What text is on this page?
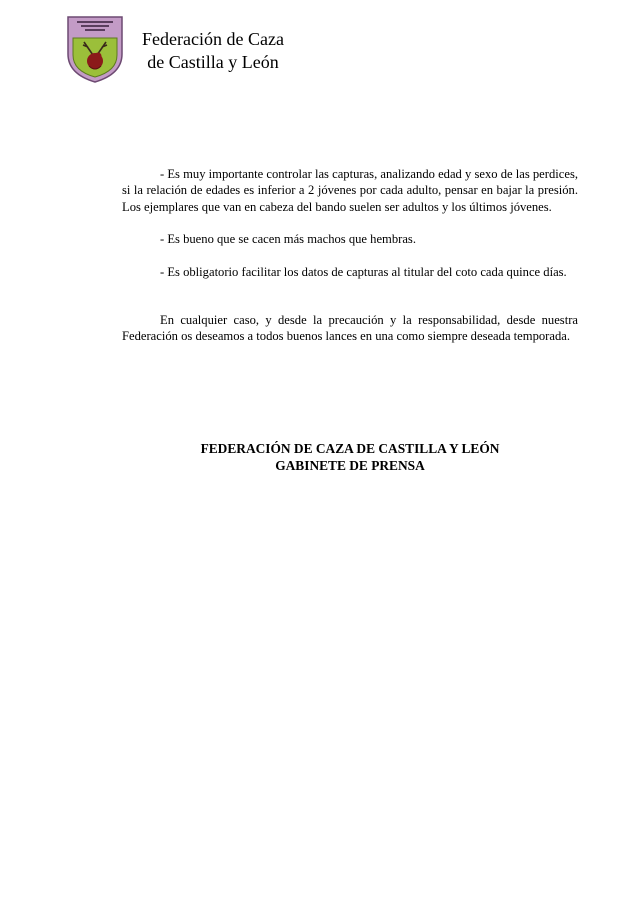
Federación de Caza
de Castilla y León

- Es muy importante controlar las capturas, analizando edad y sexo de las perdices, si la relación de edades es inferior a 2 jóvenes por cada adulto, pensar en bajar la presión. Los ejemplares que van en cabeza del bando suelen ser adultos y los últimos jóvenes.

- Es bueno que se cacen más machos que hembras.

- Es obligatorio facilitar los datos de capturas al titular del coto cada quince días.

En cualquier caso, y desde la precaución y la responsabilidad, desde nuestra Federación os deseamos a todos buenos lances en una como siempre deseada temporada.

FEDERACIÓN DE CAZA DE CASTILLA Y LEÓN
GABINETE DE PRENSA
